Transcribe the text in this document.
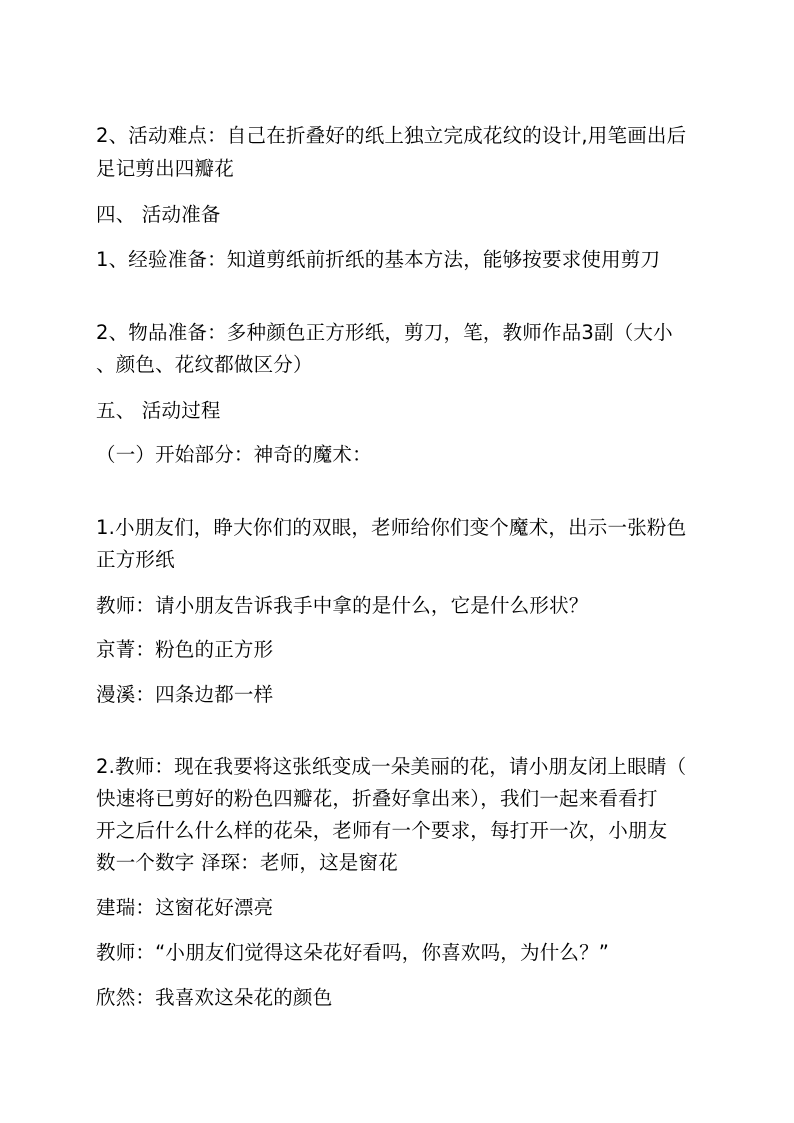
2、活动难点：自己在折叠好的纸上独立完成花纹的设计,用笔画出后
足记剪出四瓣花
四、 活动准备
1、经验准备：知道剪纸前折纸的基本方法，能够按要求使用剪刀
2、物品准备：多种颜色正方形纸，剪刀，笔，教师作品3副（大小
、颜色、花纹都做区分）
五、 活动过程
（一）开始部分：神奇的魔术：
1.小朋友们，睁大你们的双眼，老师给你们变个魔术，出示一张粉色
正方形纸
教师：请小朋友告诉我手中拿的是什么，它是什么形状？
京菁：粉色的正方形
漫溪：四条边都一样
2.教师：现在我要将这张纸变成一朵美丽的花，请小朋友闭上眼睛（
快速将已剪好的粉色四瓣花，折叠好拿出来），我们一起来看看打
开之后什么什么样的花朵，老师有一个要求，每打开一次，小朋友
数一个数字 泽琛：老师，这是窗花
建瑞：这窗花好漂亮
教师：“小朋友们觉得这朵花好看吗，你喜欢吗，为什么？”
欣然：我喜欢这朵花的颜色
